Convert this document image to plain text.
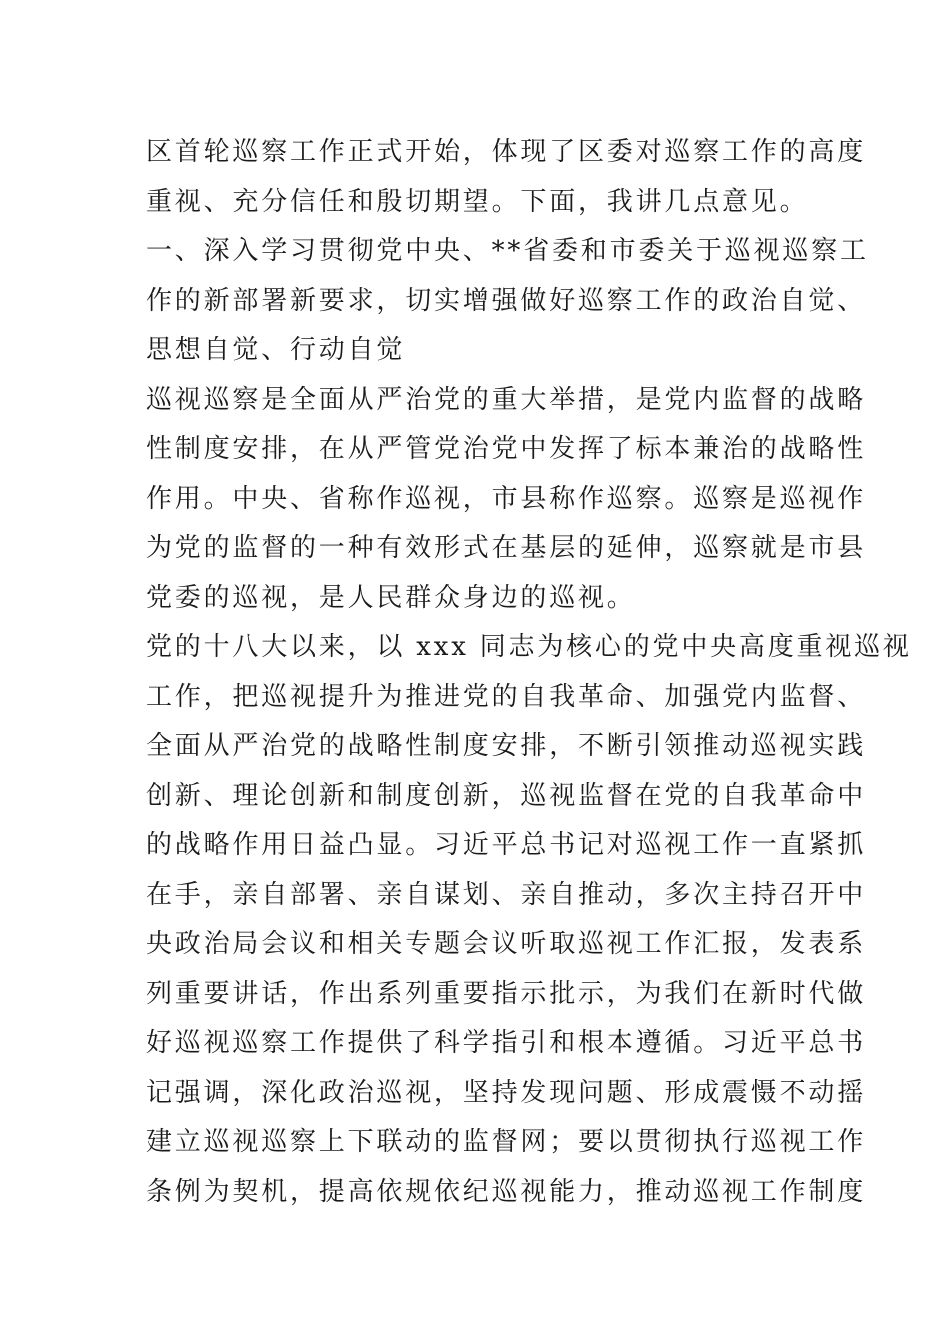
区首轮巡察工作正式开始，体现了区委对巡察工作的高度
重视、充分信任和殷切期望。下面，我讲几点意见。
一、深入学习贯彻党中央、**省委和市委关于巡视巡察工
作的新部署新要求，切实增强做好巡察工作的政治自觉、
思想自觉、行动自觉
巡视巡察是全面从严治党的重大举措，是党内监督的战略
性制度安排，在从严管党治党中发挥了标本兼治的战略性
作用。中央、省称作巡视，市县称作巡察。巡察是巡视作
为党的监督的一种有效形式在基层的延伸，巡察就是市县
党委的巡视，是人民群众身边的巡视。
党的十八大以来，以 xxx 同志为核心的党中央高度重视巡视
工作，把巡视提升为推进党的自我革命、加强党内监督、
全面从严治党的战略性制度安排，不断引领推动巡视实践
创新、理论创新和制度创新，巡视监督在党的自我革命中
的战略作用日益凸显。习近平总书记对巡视工作一直紧抓
在手，亲自部署、亲自谋划、亲自推动，多次主持召开中
央政治局会议和相关专题会议听取巡视工作汇报，发表系
列重要讲话，作出系列重要指示批示，为我们在新时代做
好巡视巡察工作提供了科学指引和根本遵循。习近平总书
记强调，深化政治巡视，坚持发现问题、形成震慑不动摇
建立巡视巡察上下联动的监督网；要以贯彻执行巡视工作
条例为契机，提高依规依纪巡视能力，推动巡视工作制度
